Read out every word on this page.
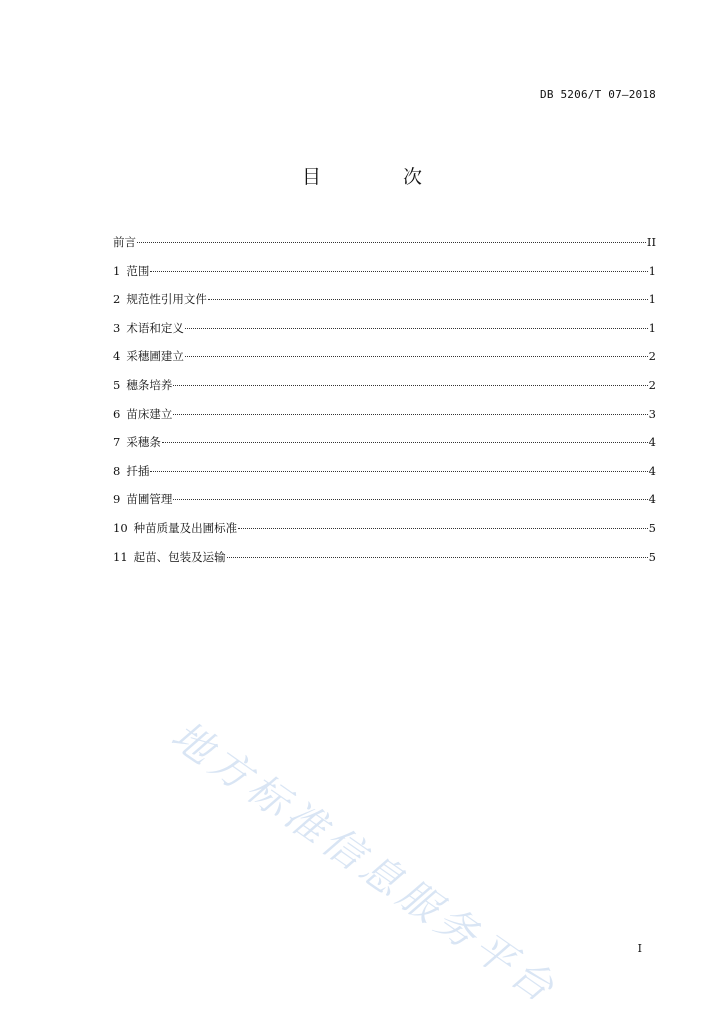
DB 5206/T 07—2018
目 次
前言	II
1 范围	1
2 规范性引用文件	1
3 术语和定义	1
4 采穗圃建立	2
5 穗条培养	2
6 苗床建立	3
7 采穗条	4
8 扦插	4
9 苗圃管理	4
10 种苗质量及出圃标准	5
11 起苗、包装及运输	5
地方标准信息服务平台	I
